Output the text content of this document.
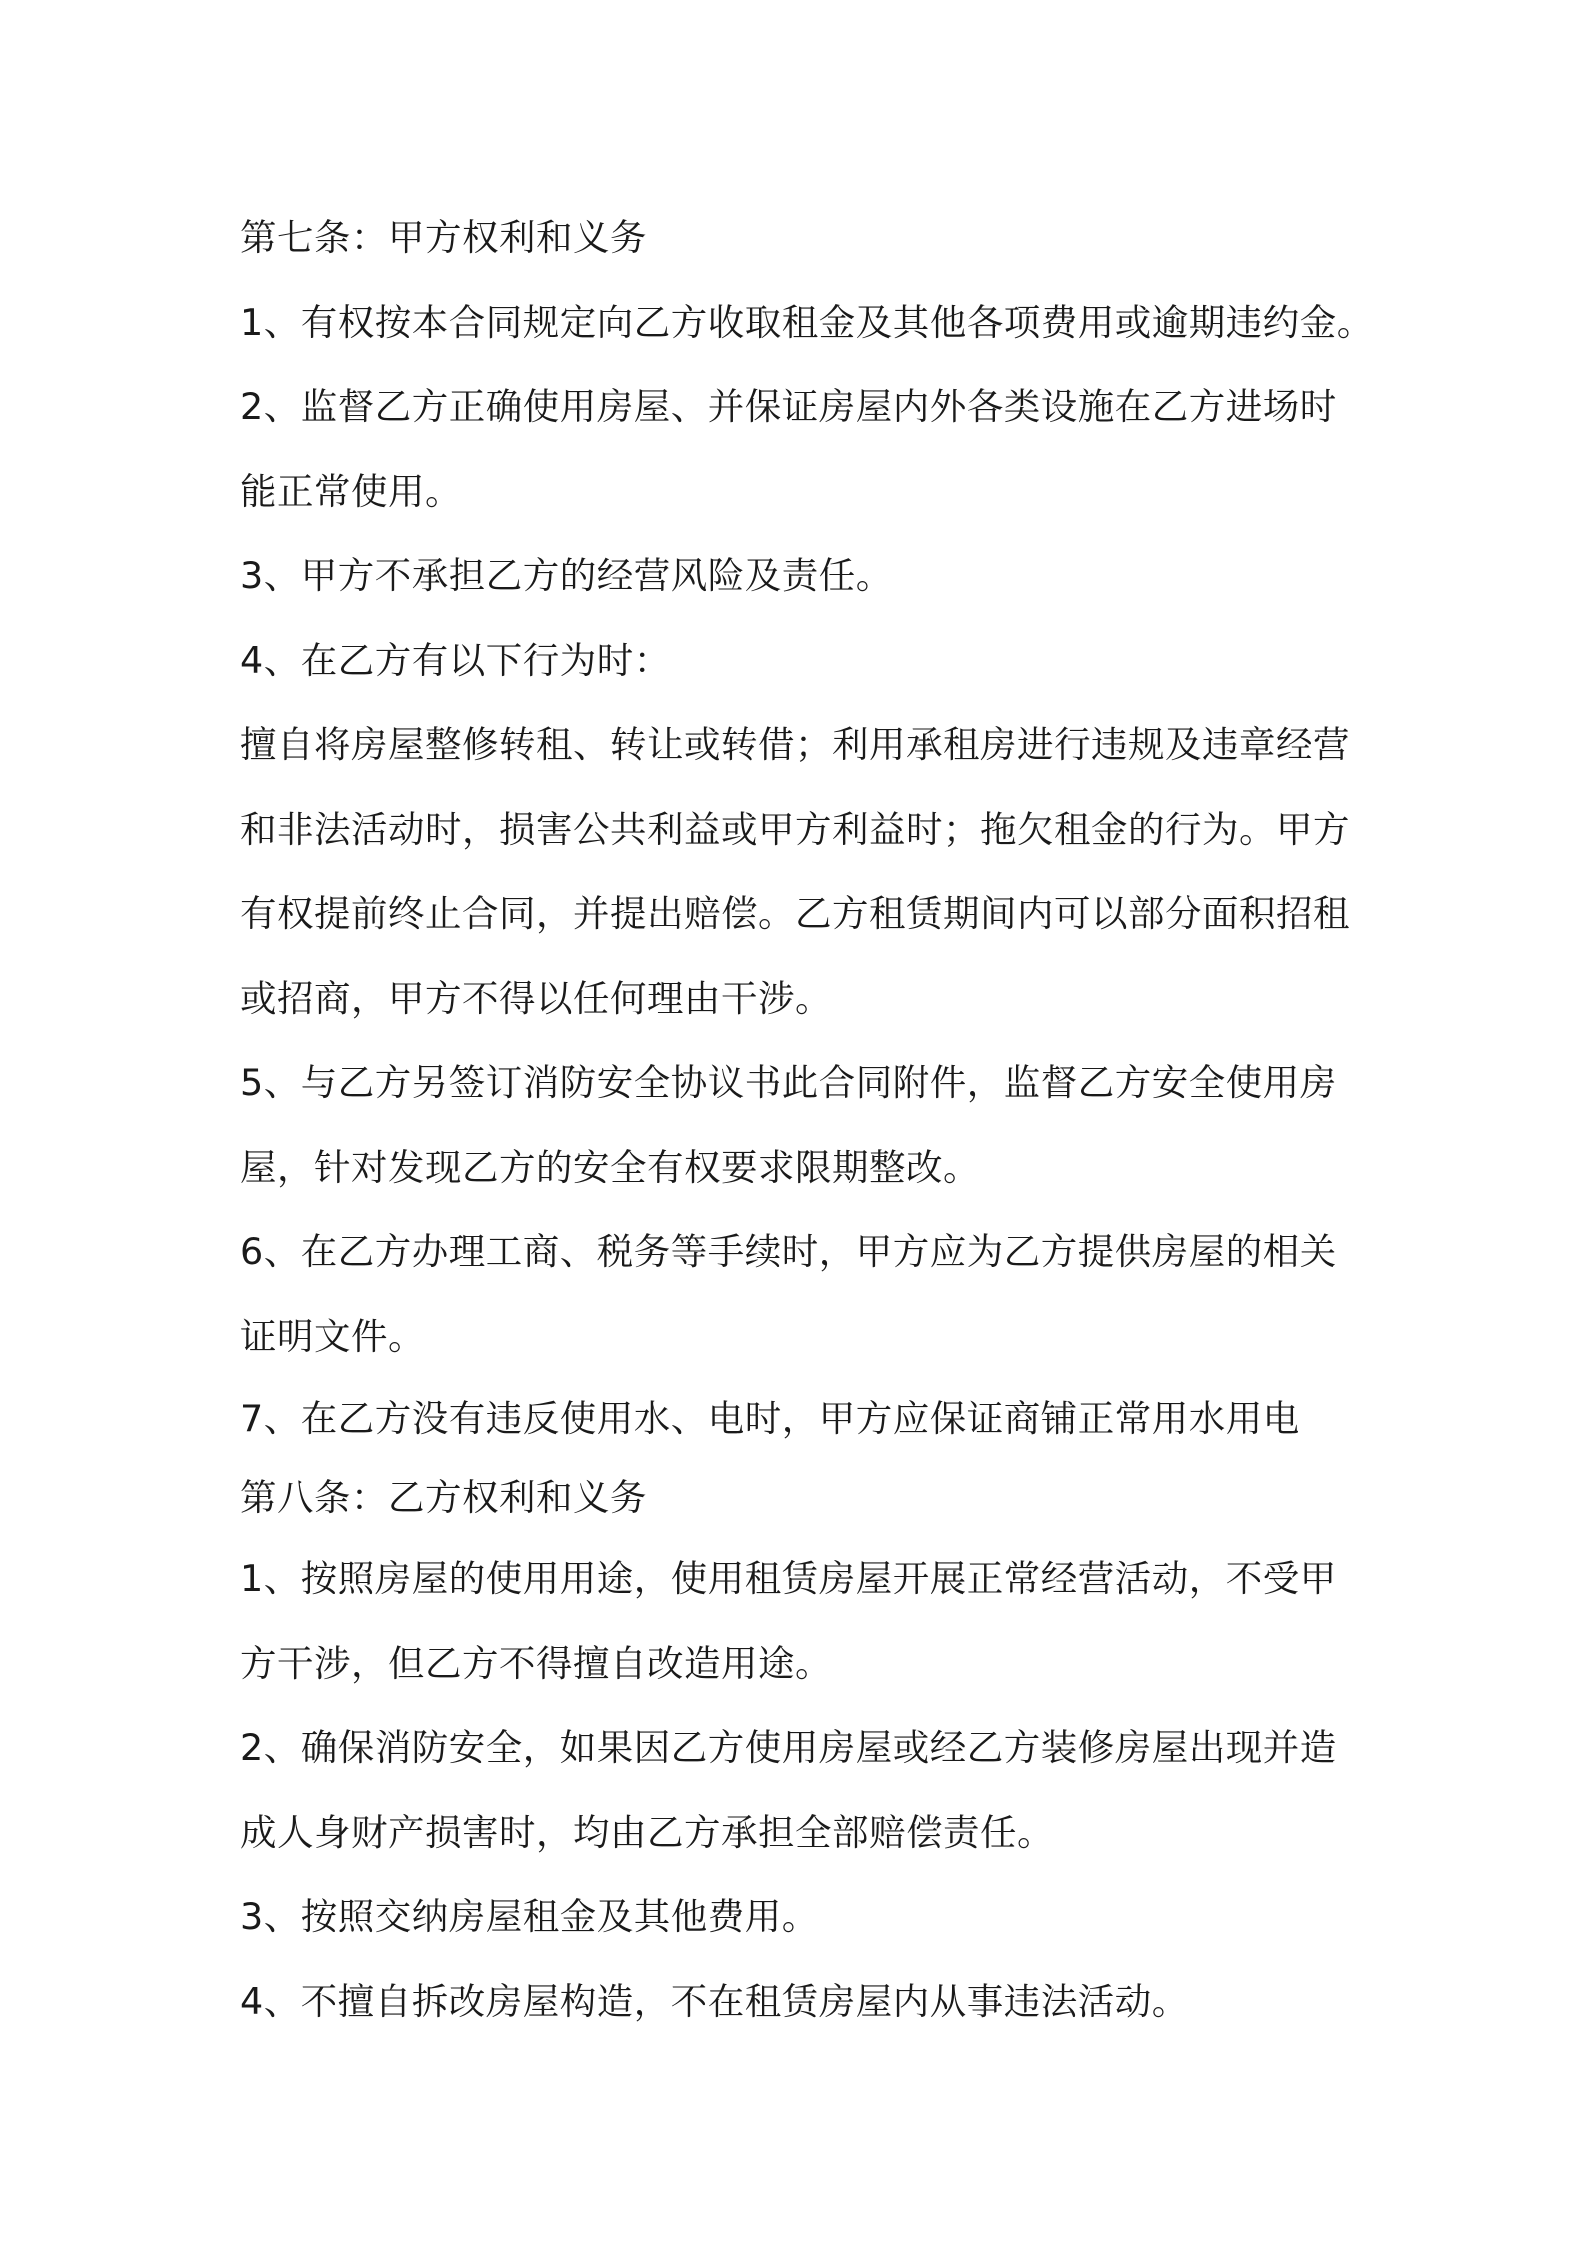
第七条：甲方权利和义务
1、有权按本合同规定向乙方收取租金及其他各项费用或逾期违约金。
2、监督乙方正确使用房屋、并保证房屋内外各类设施在乙方进场时
能正常使用。
3、甲方不承担乙方的经营风险及责任。
4、在乙方有以下行为时：
擅自将房屋整修转租、转让或转借；利用承租房进行违规及违章经营
和非法活动时，损害公共利益或甲方利益时；拖欠租金的行为。甲方
有权提前终止合同，并提出赔偿。乙方租赁期间内可以部分面积招租
或招商，甲方不得以任何理由干涉。
5、与乙方另签订消防安全协议书此合同附件，监督乙方安全使用房
屋，针对发现乙方的安全有权要求限期整改。
6、在乙方办理工商、税务等手续时，甲方应为乙方提供房屋的相关
证明文件。
7、在乙方没有违反使用水、电时，甲方应保证商铺正常用水用电
第八条：乙方权利和义务
1、按照房屋的使用用途，使用租赁房屋开展正常经营活动，不受甲
方干涉，但乙方不得擅自改造用途。
2、确保消防安全，如果因乙方使用房屋或经乙方装修房屋出现并造
成人身财产损害时，均由乙方承担全部赔偿责任。
3、按照交纳房屋租金及其他费用。
4、不擅自拆改房屋构造，不在租赁房屋内从事违法活动。
